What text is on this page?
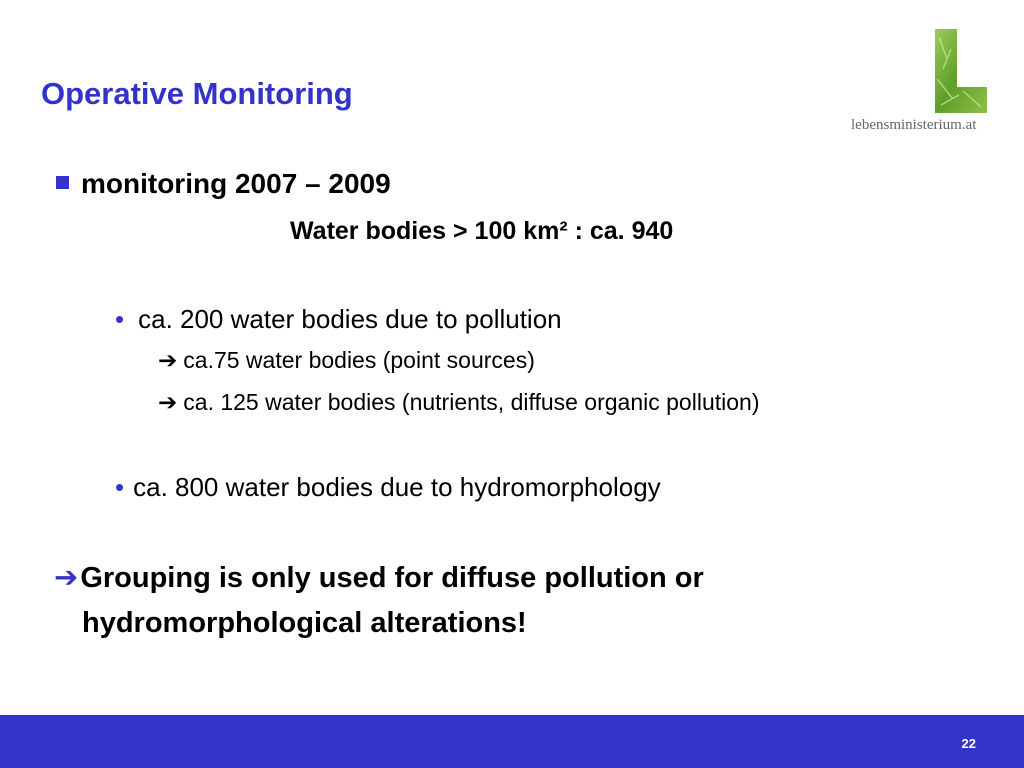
Operative Monitoring
lebensministerium.at
monitoring 2007 – 2009
Water bodies > 100 km² : ca. 940
• ca. 200 water bodies due to pollution
➔ ca.75 water bodies (point sources)
➔ ca. 125 water bodies (nutrients, diffuse organic pollution)
• ca. 800 water bodies due to hydromorphology
➔Grouping is only used for diffuse pollution or
hydromorphological alterations!
22
